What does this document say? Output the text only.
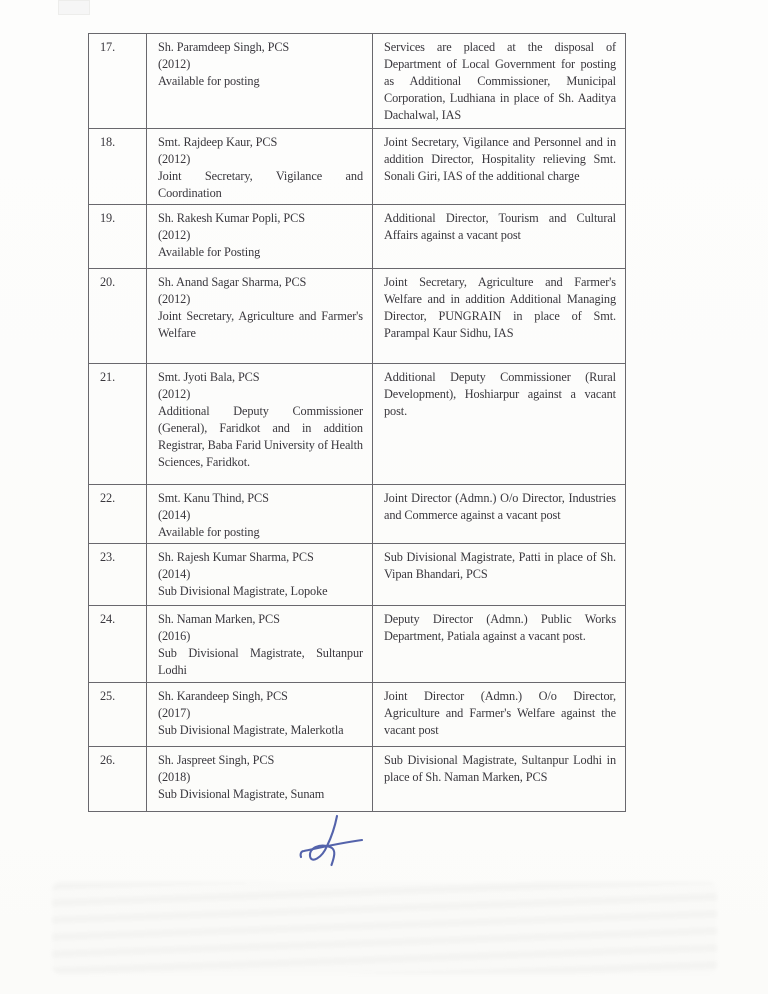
17.	Sh. Paramdeep Singh, PCS
(2012)
Available for posting	Services are placed at the disposal of Department of Local Government for posting as Additional Commissioner, Municipal Corporation, Ludhiana in place of Sh. Aaditya Dachalwal, IAS
18.	Smt. Rajdeep Kaur, PCS
(2012)
Joint Secretary, Vigilance and Coordination	Joint Secretary, Vigilance and Personnel and in addition Director, Hospitality relieving Smt. Sonali Giri, IAS of the additional charge
19.	Sh. Rakesh Kumar Popli, PCS
(2012)
Available for Posting	Additional Director, Tourism and Cultural Affairs against a vacant post
20.	Sh. Anand Sagar Sharma, PCS
(2012)
Joint Secretary, Agriculture and Farmer's Welfare	Joint Secretary, Agriculture and Farmer's Welfare and in addition Additional Managing Director, PUNGRAIN in place of Smt. Parampal Kaur Sidhu, IAS
21.	Smt. Jyoti Bala, PCS
(2012)
Additional Deputy Commissioner (General), Faridkot and in addition Registrar, Baba Farid University of Health Sciences, Faridkot.	Additional Deputy Commissioner (Rural Development), Hoshiarpur against a vacant post.
22.	Smt. Kanu Thind, PCS
(2014)
Available for posting	Joint Director (Admn.) O/o Director, Industries and Commerce against a vacant post
23.	Sh. Rajesh Kumar Sharma, PCS
(2014)
Sub Divisional Magistrate, Lopoke	Sub Divisional Magistrate, Patti in place of Sh. Vipan Bhandari, PCS
24.	Sh. Naman Marken, PCS
(2016)
Sub Divisional Magistrate, Sultanpur Lodhi	Deputy Director (Admn.) Public Works Department, Patiala against a vacant post.
25.	Sh. Karandeep Singh, PCS
(2017)
Sub Divisional Magistrate, Malerkotla	Joint Director (Admn.) O/o Director, Agriculture and Farmer's Welfare against the vacant post
26.	Sh. Jaspreet Singh, PCS
(2018)
Sub Divisional Magistrate, Sunam	Sub Divisional Magistrate, Sultanpur Lodhi in place of Sh. Naman Marken, PCS
